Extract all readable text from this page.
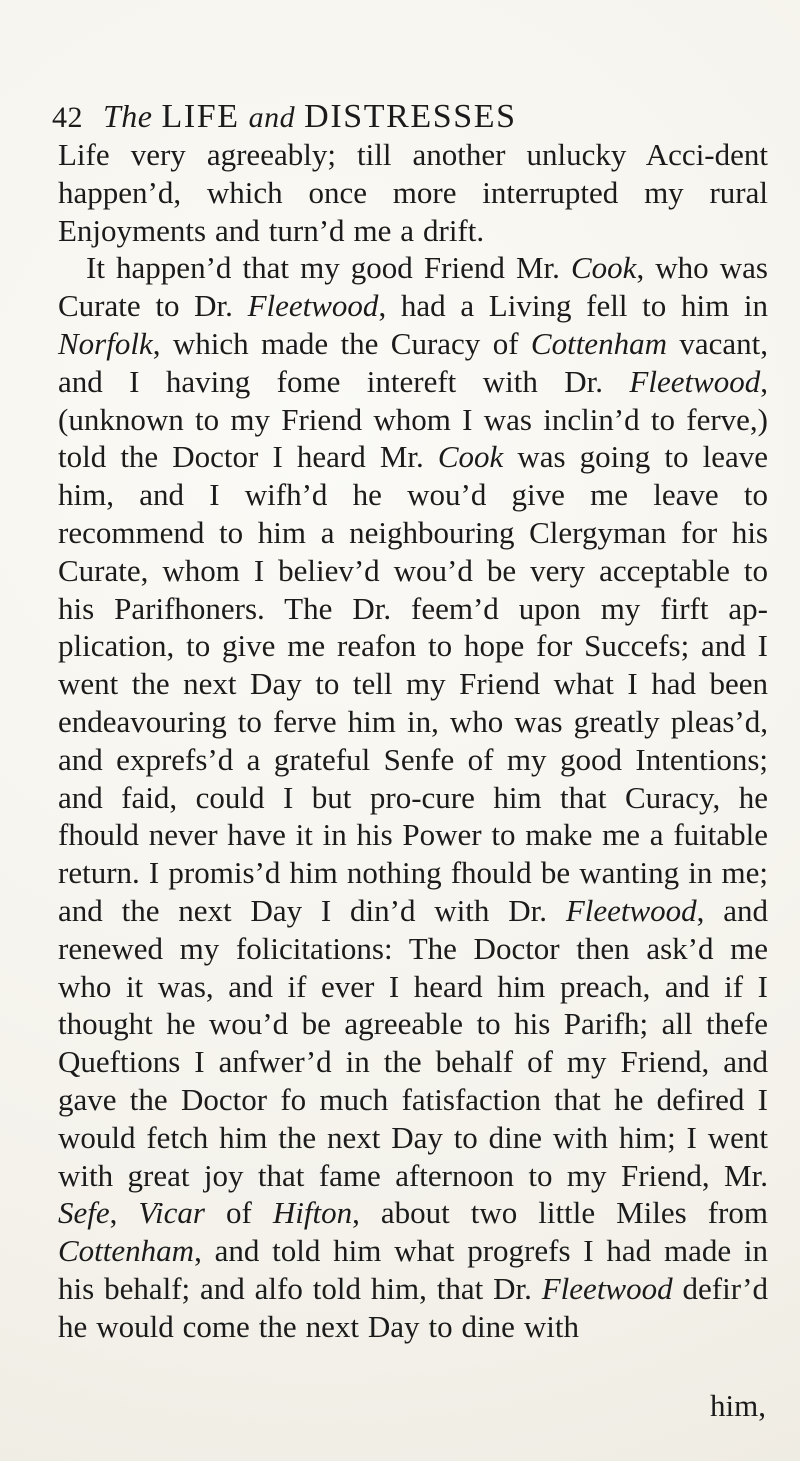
42 The LIFE and DISTRESSES

Life very agreeably; till another unlucky Acci-dent happen’d, which once more interrupted my rural Enjoyments and turn’d me a drift.

It happen’d that my good Friend Mr. Cook, who was Curate to Dr. Fleetwood, had a Living fell to him in Norfolk, which made the Curacy of Cottenham vacant, and I having fome intereft with Dr. Fleetwood, (unknown to my Friend whom I was inclin’d to ferve,) told the Doctor I heard Mr. Cook was going to leave him, and I wifh’d he wou’d give me leave to recommend to him a neighbouring Clergyman for his Curate, whom I believ’d wou’d be very acceptable to his Parifhoners. The Dr. feem’d upon my firft ap-plication, to give me reafon to hope for Succefs; and I went the next Day to tell my Friend what I had been endeavouring to ferve him in, who was greatly pleas’d, and exprefs’d a grateful Senfe of my good Intentions; and faid, could I but pro-cure him that Curacy, he fhould never have it in his Power to make me a fuitable return. I promis’d him nothing fhould be wanting in me; and the next Day I din’d with Dr. Fleetwood, and renewed my folicitations: The Doctor then ask’d me who it was, and if ever I heard him preach, and if I thought he wou’d be agreeable to his Parifh; all thefe Queftions I anfwer’d in the behalf of my Friend, and gave the Doctor fo much fatisfaction that he defired I would fetch him the next Day to dine with him; I went with great joy that fame afternoon to my Friend, Mr. Sefe, Vicar of Hifton, about two little Miles from Cottenham, and told him what progrefs I had made in his behalf; and alfo told him, that Dr. Fleetwood defir’d he would come the next Day to dine with

him,
